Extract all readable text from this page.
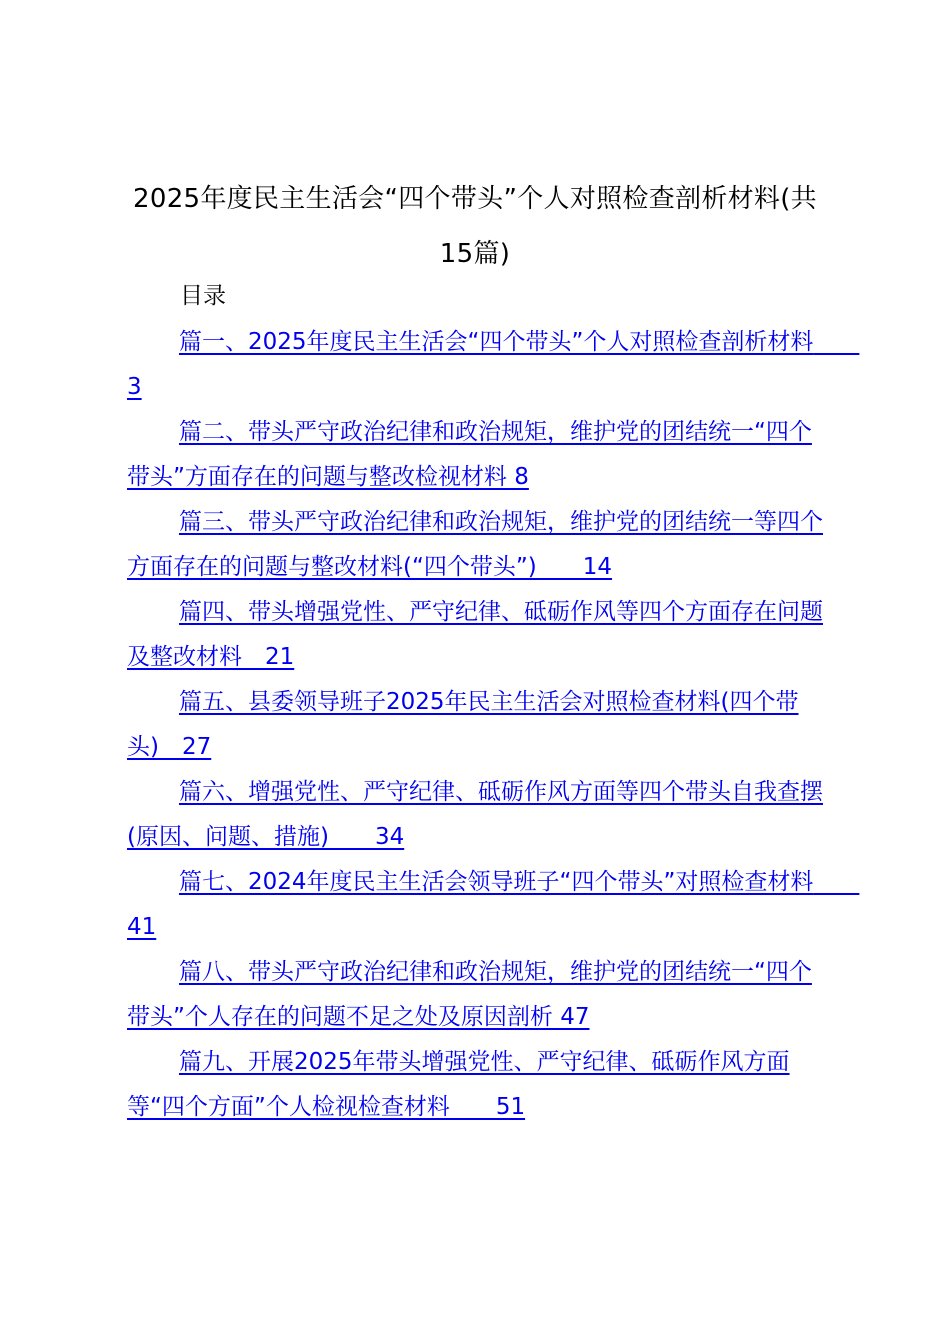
2025年度民主生活会“四个带头”个人对照检查剖析材料(共15篇)
目录
篇一、2025年度民主生活会“四个带头”个人对照检查剖析材料　　3
篇二、带头严守政治纪律和政治规矩，维护党的团结统一“四个带头”方面存在的问题与整改检视材料 8
篇三、带头严守政治纪律和政治规矩，维护党的团结统一等四个方面存在的问题与整改材料(“四个带头”)　　14
篇四、带头增强党性、严守纪律、砥砺作风等四个方面存在问题及整改材料　21
篇五、县委领导班子2025年民主生活会对照检查材料(四个带头)　27
篇六、增强党性、严守纪律、砥砺作风方面等四个带头自我查摆(原因、问题、措施)　　34
篇七、2024年度民主生活会领导班子“四个带头”对照检查材料　　41
篇八、带头严守政治纪律和政治规矩，维护党的团结统一“四个带头”个人存在的问题不足之处及原因剖析 47
篇九、开展2025年带头增强党性、严守纪律、砥砺作风方面等“四个方面”个人检视检查材料　　51
